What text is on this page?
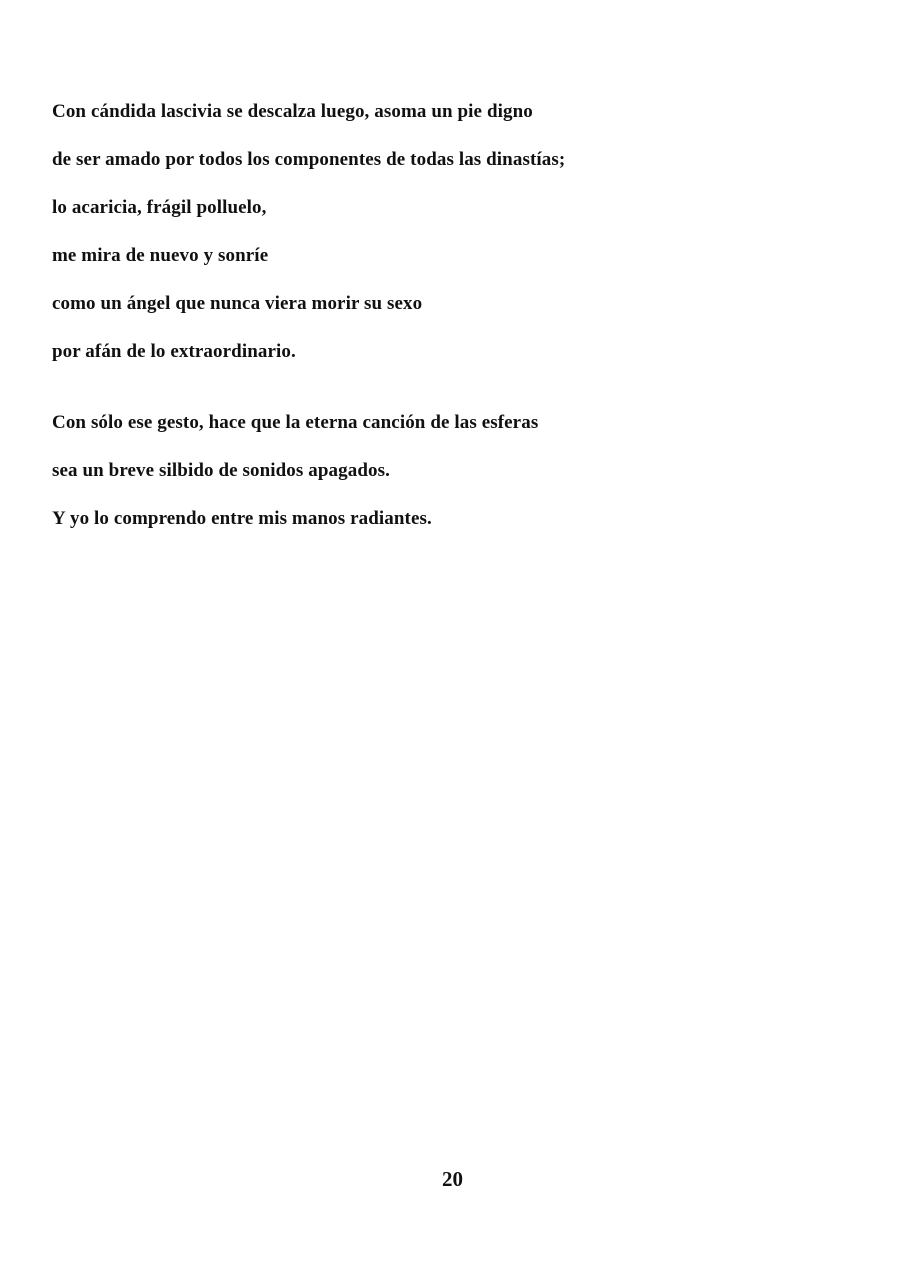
Con cándida lascivia se descalza luego, asoma un pie digno

de ser amado por todos los componentes de todas las dinastías;

lo acaricia, frágil polluelo,

me mira de nuevo y sonríe

como un ángel que nunca viera morir su sexo

por afán de lo extraordinario.

Con sólo ese gesto, hace que la eterna canción de las esferas

sea un breve silbido de sonidos apagados.

Y yo lo comprendo entre mis manos radiantes.

20
